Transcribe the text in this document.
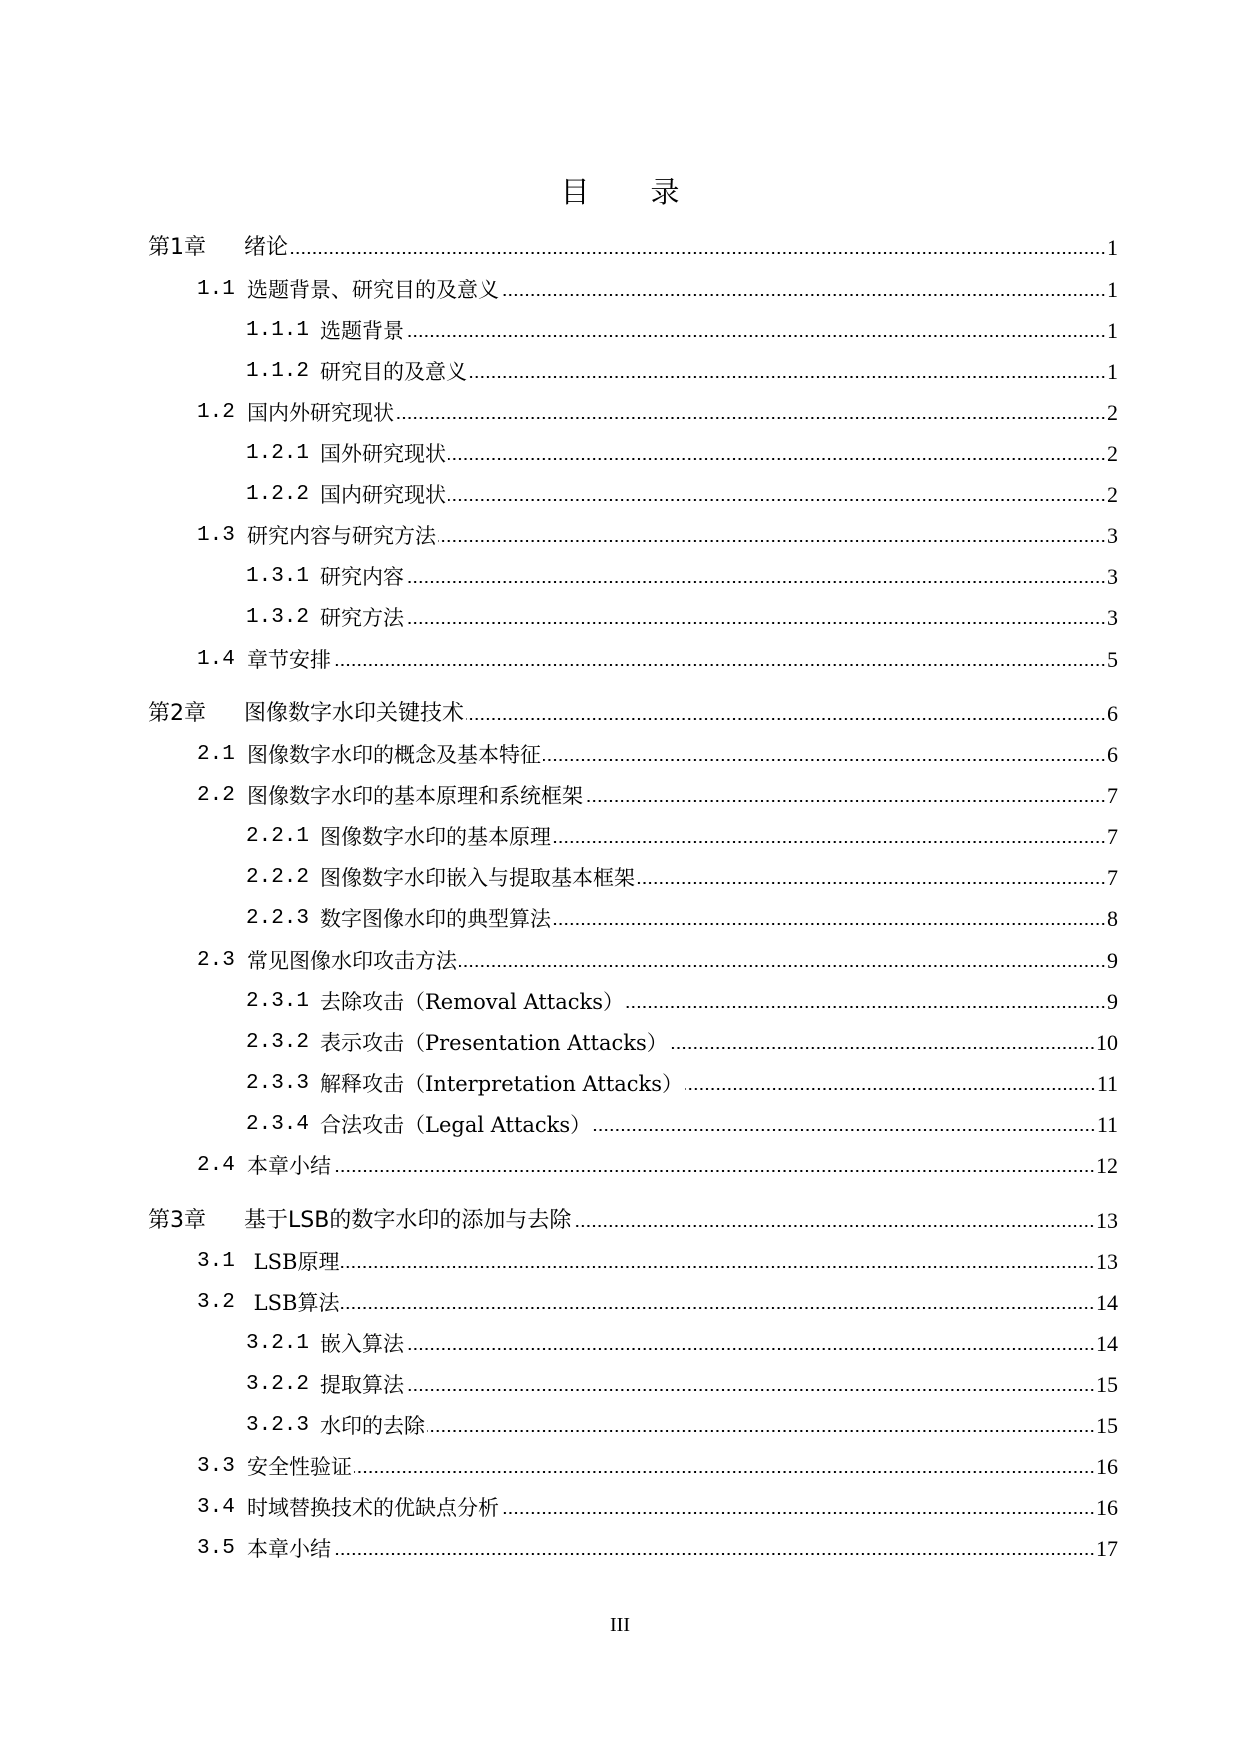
目 录
第1章	绪论	1
1.1 选题背景、研究目的及意义	1
1.1.1 选题背景	1
1.1.2 研究目的及意义	1
1.2 国内外研究现状	2
1.2.1 国外研究现状	2
1.2.2 国内研究现状	2
1.3 研究内容与研究方法	3
1.3.1 研究内容	3
1.3.2 研究方法	3
1.4 章节安排	5
第2章	图像数字水印关键技术	6
2.1 图像数字水印的概念及基本特征	6
2.2 图像数字水印的基本原理和系统框架	7
2.2.1 图像数字水印的基本原理	7
2.2.2 图像数字水印嵌入与提取基本框架	7
2.2.3 数字图像水印的典型算法	8
2.3 常见图像水印攻击方法	9
2.3.1 去除攻击（Removal Attacks）	9
2.3.2 表示攻击（Presentation Attacks）	10
2.3.3 解释攻击（Interpretation Attacks）	11
2.3.4 合法攻击（Legal Attacks）	11
2.4 本章小结	12
第3章	基于LSB的数字水印的添加与去除	13
3.1 LSB原理	13
3.2 LSB算法	14
3.2.1 嵌入算法	14
3.2.2 提取算法	15
3.2.3 水印的去除	15
3.3 安全性验证	16
3.4 时域替换技术的优缺点分析	16
3.5 本章小结	17
III
